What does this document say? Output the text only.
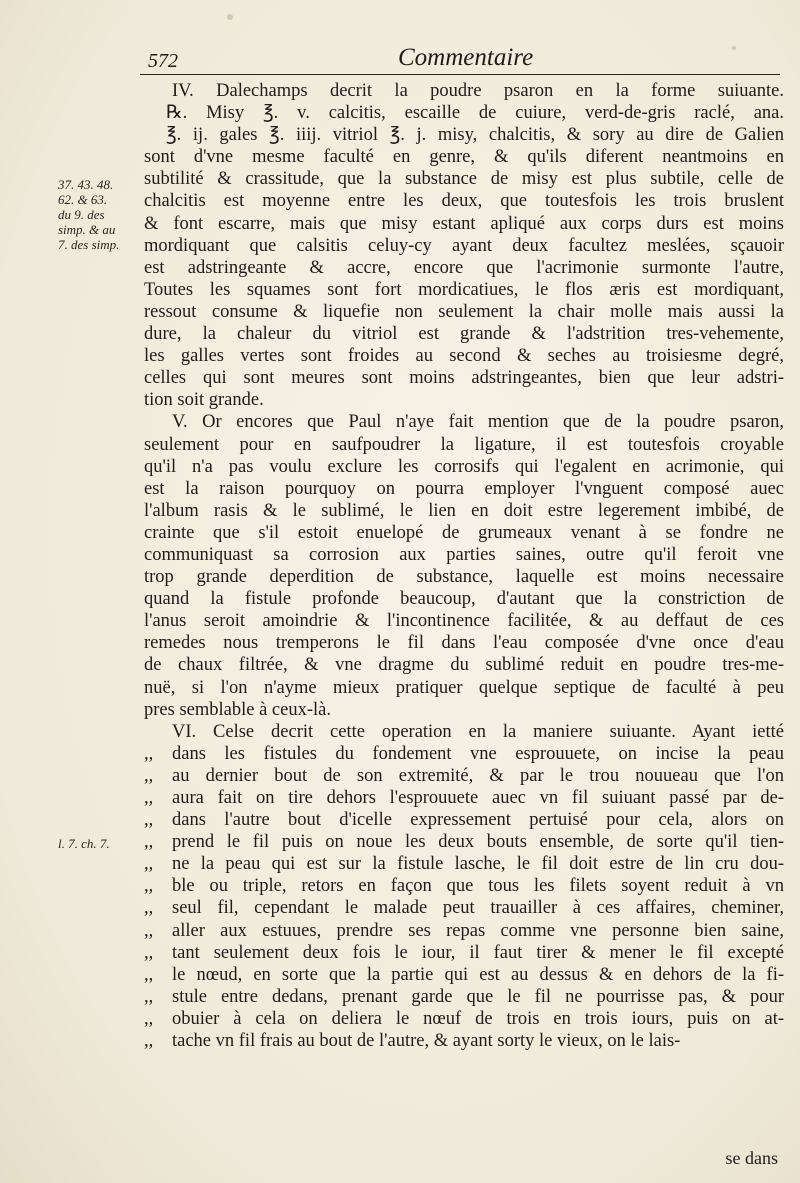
572	Commentaire
37. 43. 48.
62. & 63.
du 9. des
simp. & au
7. des simp.
l. 7. ch. 7.
IV. Dalechamps decrit la poudre psaron en la forme suiuante.
℞. Misy ℥. v. calcitis, escaille de cuiure, verd-de-gris raclé, ana.
℥. ij. gales ℥. iiij. vitriol ℥. j. misy, chalcitis, & sory au dire de Galien
sont d'vne mesme faculté en genre, & qu'ils diferent neantmoins en
subtilité & crassitude, que la substance de misy est plus subtile, celle de
chalcitis est moyenne entre les deux, que toutesfois les trois bruslent
& font escarre, mais que misy estant apliqué aux corps durs est moins
mordiquant que calsitis celuy-cy ayant deux facultez meslées, sçauoir
est adstringeante & accre, encore que l'acrimonie surmonte l'autre,
Toutes les squames sont fort mordicatiues, le flos æris est mordiquant,
ressout consume & liquefie non seulement la chair molle mais aussi la
dure, la chaleur du vitriol est grande & l'adstrition tres-vehemente,
les galles vertes sont froides au second & seches au troisiesme degré,
celles qui sont meures sont moins adstringeantes, bien que leur adstri-
tion soit grande.
V. Or encores que Paul n'aye fait mention que de la poudre psaron,
seulement pour en saufpoudrer la ligature, il est toutesfois croyable
qu'il n'a pas voulu exclure les corrosifs qui l'egalent en acrimonie, qui
est la raison pourquoy on pourra employer l'vnguent composé auec
l'album rasis & le sublimé, le lien en doit estre legerement imbibé, de
crainte que s'il estoit enuelopé de grumeaux venant à se fondre ne
communiquast sa corrosion aux parties saines, outre qu'il feroit vne
trop grande deperdition de substance, laquelle est moins necessaire
quand la fistule profonde beaucoup, d'autant que la constriction de
l'anus seroit amoindrie & l'incontinence facilitée, & au deffaut de ces
remedes nous tremperons le fil dans l'eau composée d'vne once d'eau
de chaux filtrée, & vne dragme du sublimé reduit en poudre tres-me-
nuë, si l'on n'ayme mieux pratiquer quelque septique de faculté à peu
pres semblable à ceux-là.
VI. Celse decrit cette operation en la maniere suiuante. Ayant ietté
,, dans les fistules du fondement vne esprouuete, on incise la peau
,, au dernier bout de son extremité, & par le trou nouueau que l'on
,, aura fait on tire dehors l'esprouuete auec vn fil suiuant passé par de-
,, dans l'autre bout d'icelle expressement pertuisé pour cela, alors on
,, prend le fil puis on noue les deux bouts ensemble, de sorte qu'il tien-
,, ne la peau qui est sur la fistule lasche, le fil doit estre de lin cru dou-
,, ble ou triple, retors en façon que tous les filets soyent reduit à vn
,, seul fil, cependant le malade peut trauailler à ces affaires, cheminer,
,, aller aux estuues, prendre ses repas comme vne personne bien saine,
,, tant seulement deux fois le iour, il faut tirer & mener le fil excepté
,, le nœud, en sorte que la partie qui est au dessus & en dehors de la fi-
,, stule entre dedans, prenant garde que le fil ne pourrisse pas, & pour
,, obuier à cela on deliera le nœuf de trois en trois iours, puis on at-
,, tache vn fil frais au bout de l'autre, & ayant sorty le vieux, on le lais-
se dans
